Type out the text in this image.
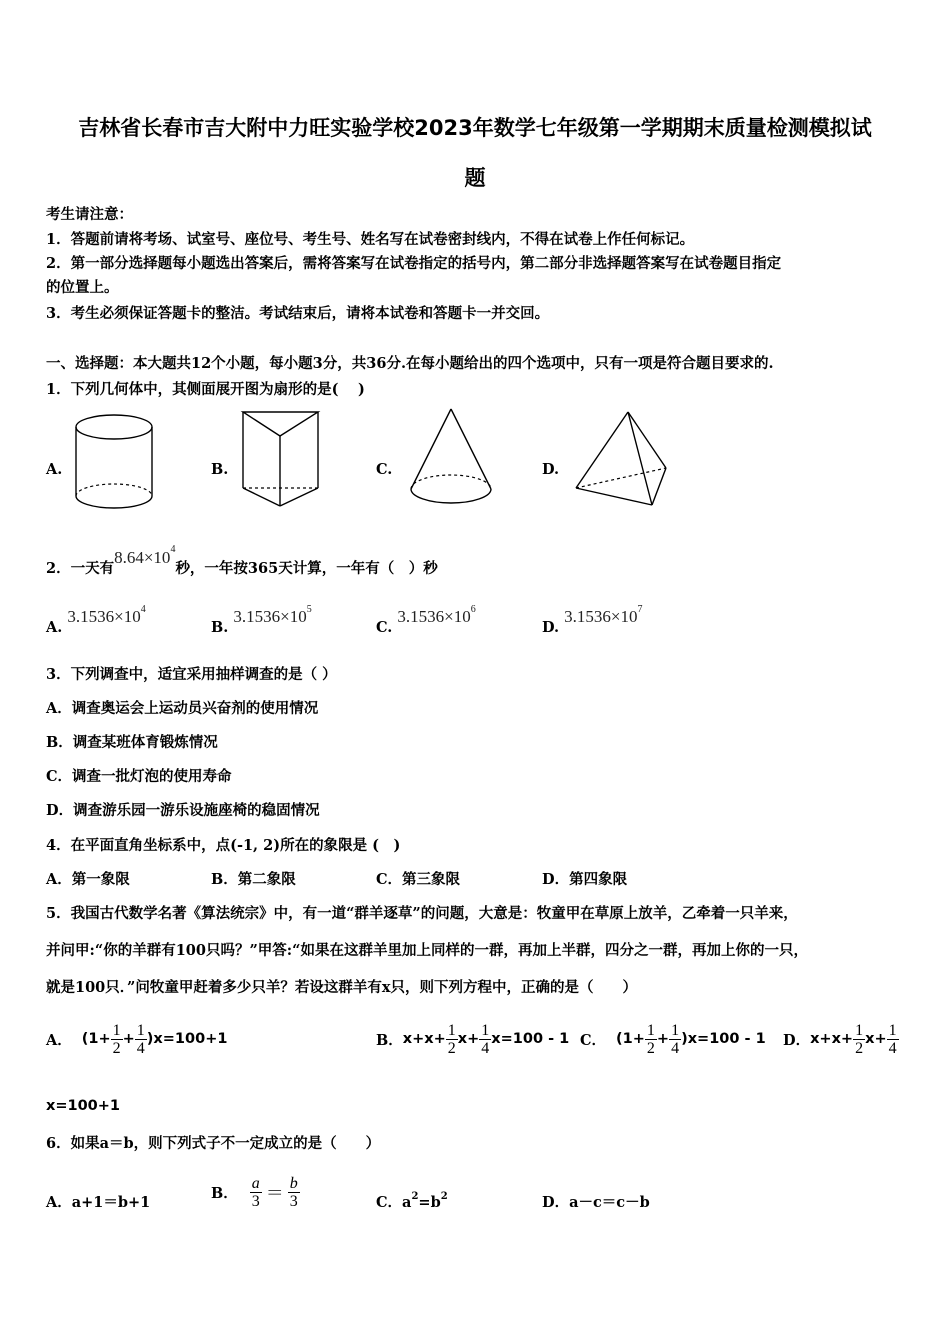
吉林省长春市吉大附中力旺实验学校2023年数学七年级第一学期期末质量检测模拟试
题
考生请注意：
1．答题前请将考场、试室号、座位号、考生号、姓名写在试卷密封线内，不得在试卷上作任何标记。
2．第一部分选择题每小题选出答案后，需将答案写在试卷指定的括号内，第二部分非选择题答案写在试卷题目指定
的位置上。
3．考生必须保证答题卡的整洁。考试结束后，请将本试卷和答题卡一并交回。
一、选择题：本大题共12个小题，每小题3分，共36分.在每小题给出的四个选项中，只有一项是符合题目要求的.
1．下列几何体中，其侧面展开图为扇形的是(　 )
A.	B.	C.	D.
2．一天有$8.64\times 10^4$秒，一年按365天计算，一年有（　）秒
A. $3.1536\times 10^4$
B. $3.1536\times 10^5$
C. $3.1536\times 10^6$
D. $3.1536\times 10^7$
3．下列调查中，适宜采用抽样调查的是（ ）
A．调查奥运会上运动员兴奋剂的使用情况
B．调查某班体育锻炼情况
C．调查一批灯泡的使用寿命
D．调查游乐园一游乐设施座椅的稳固情况
4．在平面直角坐标系中，点(-1, 2)所在的象限是 (　)
A．第一象限	B．第二象限	C．第三象限	D．第四象限
5．我国古代数学名著《算法统宗》中，有一道“群羊逐草”的问题，大意是：牧童甲在草原上放羊，乙牵着一只羊来，
并问甲:“你的羊群有100只吗？”甲答:“如果在这群羊里加上同样的一群，再加上半群，四分之一群，再加上你的一只，
就是100只．”问牧童甲赶着多少只羊？若设这群羊有x只，则下列方程中，正确的是（　　）
A． $(1+ \frac{1}{2} + \frac{1}{4} )x=100+1$	B． $x+x+ \frac{1}{2} x+ \frac{1}{4} x=100 - 1$ C． $(1+ \frac{1}{2} + \frac{1}{4} )x=100 - 1$ D． $x+x+ \frac{1}{2} x+ \frac{1}{4}$
x=100+1
6．如果a＝b，则下列式子不一定成立的是（　　）
A．a+1＝b+1
B． $\frac{a}{3} = \frac{b}{3}$	C．$a^2=b^2$	D．a－c＝c－b
